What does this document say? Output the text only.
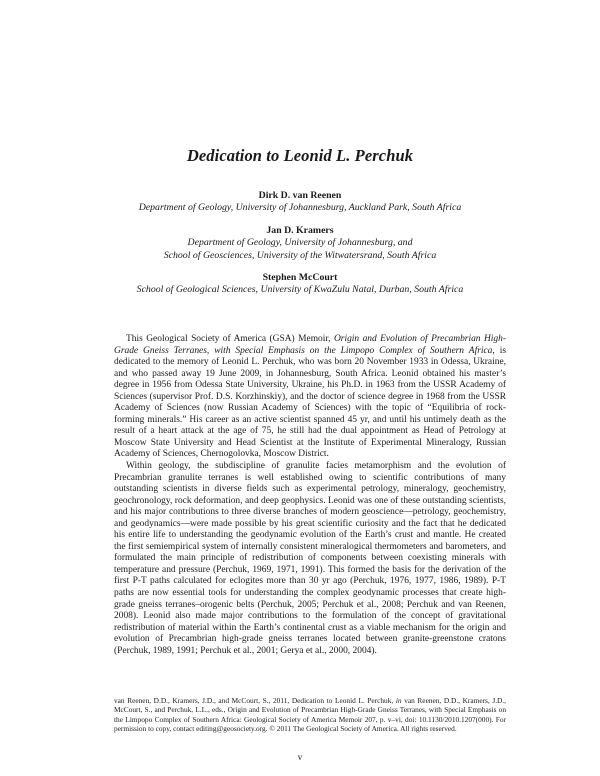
Dedication to Leonid L. Perchuk
Dirk D. van Reenen
Department of Geology, University of Johannesburg, Auckland Park, South Africa
Jan D. Kramers
Department of Geology, University of Johannesburg, and
School of Geosciences, University of the Witwatersrand, South Africa
Stephen McCourt
School of Geological Sciences, University of KwaZulu Natal, Durban, South Africa

This Geological Society of America (GSA) Memoir, Origin and Evolution of Precambrian High-Grade Gneiss Terranes, with Special Emphasis on the Limpopo Complex of Southern Africa, is dedicated to the memory of Leonid L. Perchuk, who was born 20 November 1933 in Odessa, Ukraine, and who passed away 19 June 2009, in Johannesburg, South Africa. Leonid obtained his master’s degree in 1956 from Odessa State University, Ukraine, his Ph.D. in 1963 from the USSR Academy of Sciences (supervisor Prof. D.S. Korzhinskiy), and the doctor of science degree in 1968 from the USSR Academy of Sciences (now Russian Academy of Sciences) with the topic of “Equilibria of rock-forming minerals.” His career as an active scientist spanned 45 yr, and until his untimely death as the result of a heart attack at the age of 75, he still had the dual appointment as Head of Petrology at Moscow State University and Head Scientist at the Institute of Experimental Mineralogy, Russian Academy of Sciences, Chernogolovka, Moscow District.

Within geology, the subdiscipline of granulite facies metamorphism and the evolution of Precambrian granulite terranes is well established owing to scientific contributions of many outstanding scientists in diverse fields such as experimental petrology, mineralogy, geochemistry, geochronology, rock deformation, and deep geophysics. Leonid was one of these outstanding scientists, and his major contributions to three diverse branches of modern geoscience—petrology, geochemistry, and geodynamics—were made possible by his great scientific curiosity and the fact that he dedicated his entire life to understanding the geodynamic evolution of the Earth’s crust and mantle. He created the first semiempirical system of internally consistent mineralogical thermometers and barometers, and formulated the main principle of redistribution of components between coexisting minerals with temperature and pressure (Perchuk, 1969, 1971, 1991). This formed the basis for the derivation of the first P-T paths calculated for eclogites more than 30 yr ago (Perchuk, 1976, 1977, 1986, 1989). P-T paths are now essential tools for understanding the complex geodynamic processes that create high-grade gneiss terranes–orogenic belts (Perchuk, 2005; Perchuk et al., 2008; Perchuk and van Reenen, 2008). Leonid also made major contributions to the formulation of the concept of gravitational redistribution of material within the Earth’s continental crust as a viable mechanism for the origin and evolution of Precambrian high-grade gneiss terranes located between granite-greenstone cratons (Perchuk, 1989, 1991; Perchuk et al., 2001; Gerya et al., 2000, 2004).

van Reenen, D.D., Kramers, J.D., and McCourt, S., 2011, Dedication to Leonid L. Perchuk, in van Reenen, D.D., Kramers, J.D., McCourt, S., and Perchuk, L.L., eds., Origin and Evolution of Precambrian High-Grade Gneiss Terranes, with Special Emphasis on the Limpopo Complex of Southern Africa: Geological Society of America Memoir 207, p. v–vi, doi: 10.1130/2010.1207(000). For permission to copy, contact editing@geosociety.org. © 2011 The Geological Society of America. All rights reserved.
v
